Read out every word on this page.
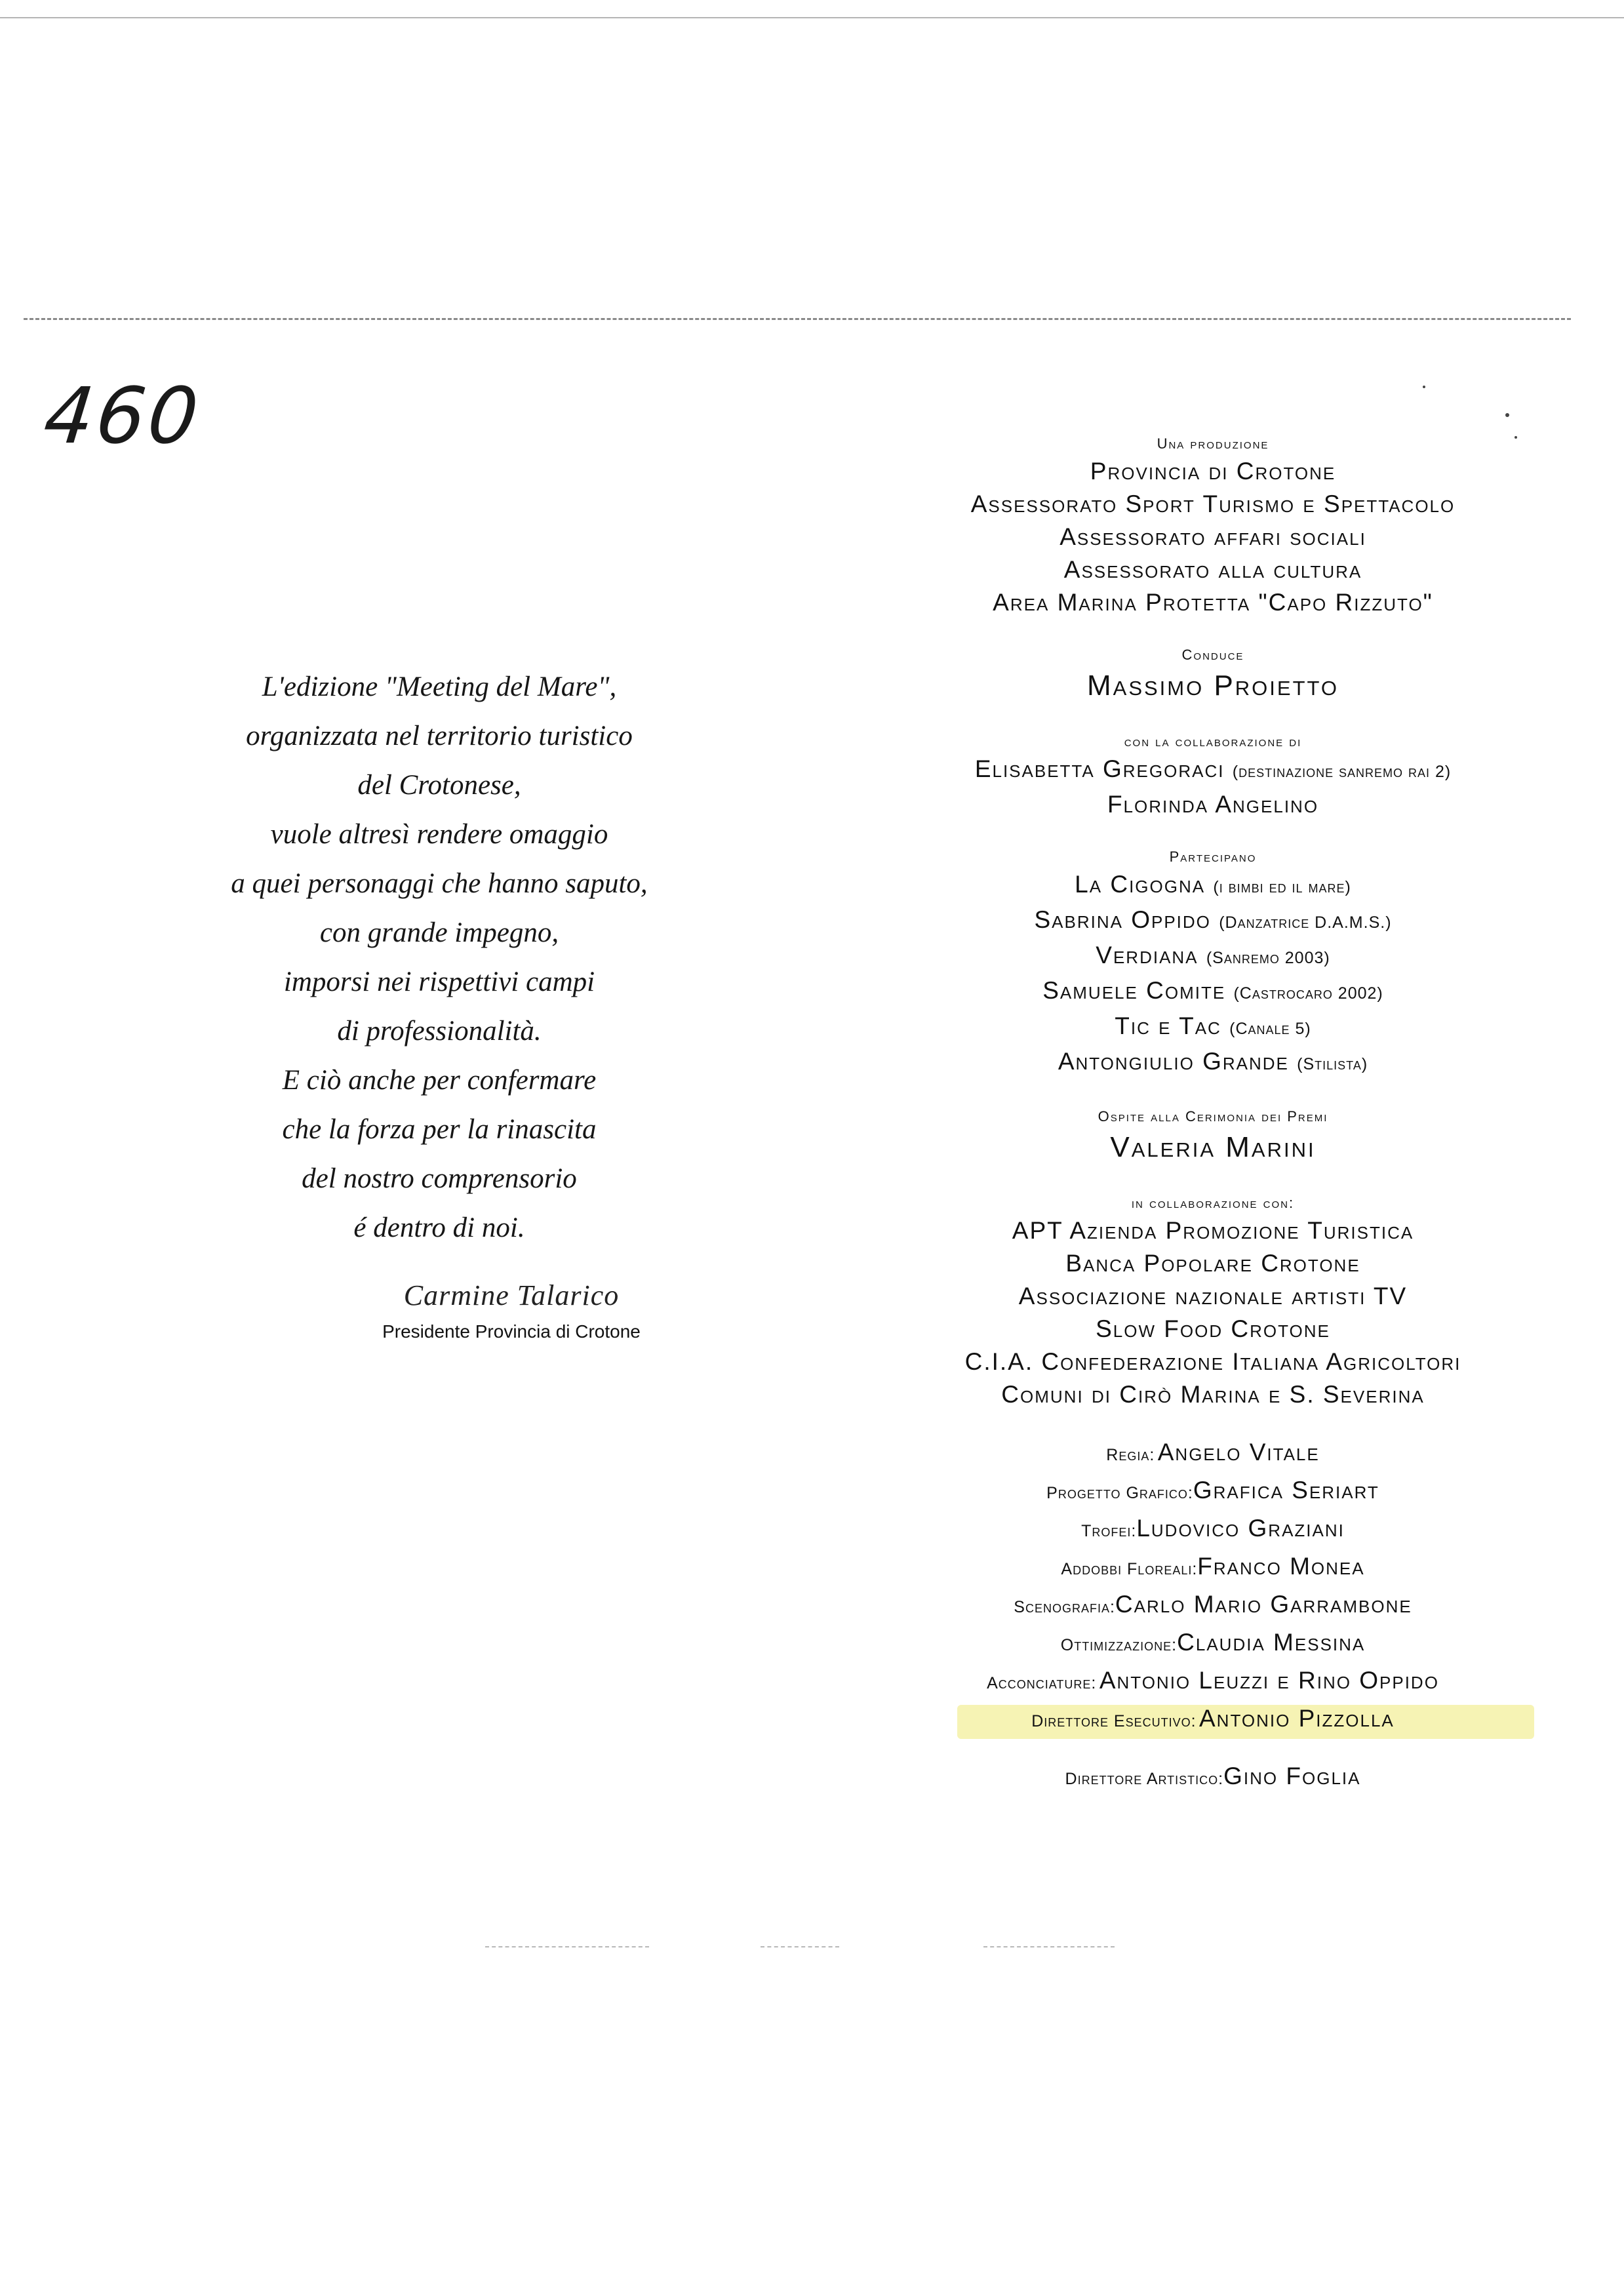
460
L'edizione "Meeting del Mare",
organizzata nel territorio turistico
del Crotonese,
vuole altresì rendere omaggio
a quei personaggi che hanno saputo,
con grande impegno,
imporsi nei rispettivi campi
di professionalità.
E ciò anche per confermare
che la forza per la rinascita
del nostro comprensorio
é dentro di noi.
Carmine Talarico
Presidente Provincia di Crotone
Una produzione
Provincia di Crotone
Assessorato Sport Turismo e Spettacolo
Assessorato affari sociali
Assessorato alla cultura
Area Marina Protetta "Capo Rizzuto"
Conduce
Massimo Proietto
con la collaborazione di
Elisabetta Gregoraci (destinazione sanremo rai 2)
Florinda Angelino
Partecipano
La Cigogna (i bimbi ed il mare)
Sabrina Oppido (Danzatrice D.A.M.S.)
Verdiana (Sanremo 2003)
Samuele Comite (Castrocaro 2002)
Tic e Tac (Canale 5)
Antongiulio Grande (Stilista)
Ospite alla Cerimonia dei Premi
Valeria Marini
in collaborazione con:
APT Azienda Promozione Turistica
Banca Popolare Crotone
Associazione nazionale artisti TV
Slow Food Crotone
C.I.A. Confederazione Italiana Agricoltori
Comuni di Cirò Marina e S. Severina
Regia: Angelo Vitale
Progetto Grafico:Grafica Seriart
Trofei:Ludovico Graziani
Addobbi Floreali:Franco Monea
Scenografia:Carlo Mario Garrambone
Ottimizzazione:Claudia Messina
Acconciature: Antonio Leuzzi e Rino Oppido
Direttore Esecutivo: Antonio Pizzolla
Direttore Artistico:Gino Foglia
